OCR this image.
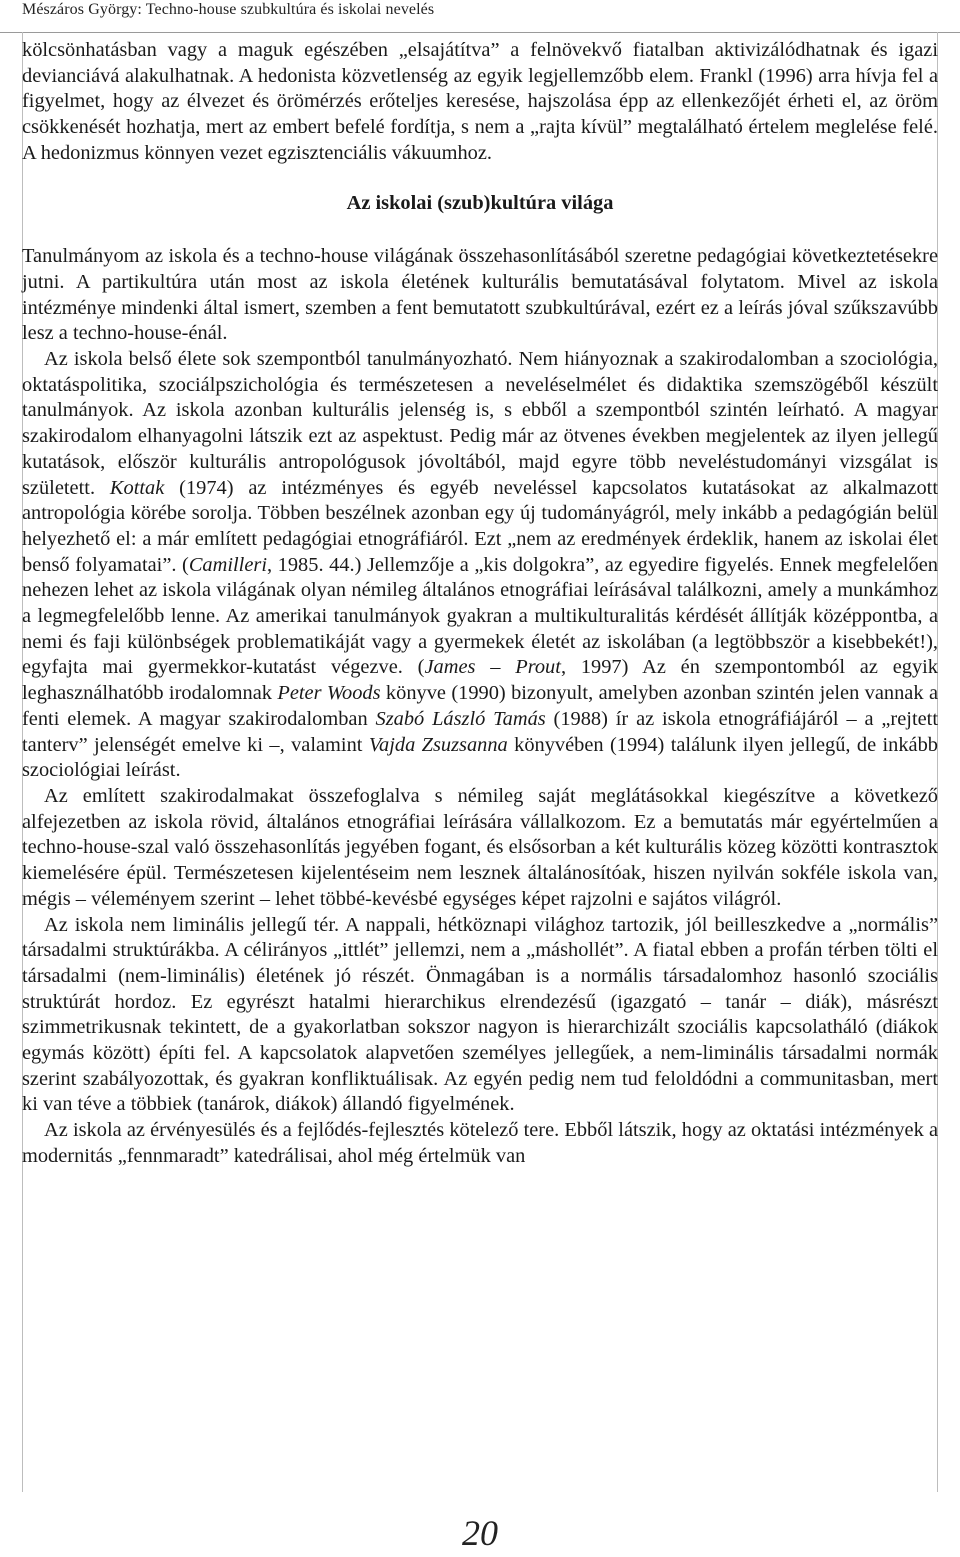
Mészáros György: Techno-house szubkultúra és iskolai nevelés

kölcsönhatásban vagy a maguk egészében „elsajátítva” a felnövekvő fiatalban aktivizálódhatnak és igazi devianciává alakulhatnak. A hedonista közvetlenség az egyik legjellemzőbb elem. Frankl (1996) arra hívja fel a figyelmet, hogy az élvezet és örömérzés erőteljes keresése, hajszolása épp az ellenkezőjét érheti el, az öröm csökkenését hozhatja, mert az embert befelé fordítja, s nem a „rajta kívül” megtalálható értelem meglelése felé. A hedonizmus könnyen vezet egzisztenciális vákuumhoz.

Az iskolai (szub)kultúra világa

Tanulmányom az iskola és a techno-house világának összehasonlításából szeretne pedagógiai következtetésekre jutni. A partikultúra után most az iskola életének kulturális bemutatásával folytatom. Mivel az iskola intézménye mindenki által ismert, szemben a fent bemutatott szubkultúrával, ezért ez a leírás jóval szűkszavúbb lesz a techno-house-énál.

Az iskola belső élete sok szempontból tanulmányozható. Nem hiányoznak a szakirodalomban a szociológia, oktatáspolitika, szociálpszichológia és természetesen a neveléselmélet és didaktika szemszögéből készült tanulmányok. Az iskola azonban kulturális jelenség is, s ebből a szempontból szintén leírható. A magyar szakirodalom elhanyagolni látszik ezt az aspektust. Pedig már az ötvenes években megjelentek az ilyen jellegű kutatások, először kulturális antropológusok jóvoltából, majd egyre több neveléstudományi vizsgálat is született. Kottak (1974) az intézményes és egyéb neveléssel kapcsolatos kutatásokat az alkalmazott antropológia körébe sorolja. Többen beszélnek azonban egy új tudományágról, mely inkább a pedagógián belül helyezhető el: a már említett pedagógiai etnográfiáról. Ezt „nem az eredmények érdeklik, hanem az iskolai élet benső folyamatai”. (Camilleri, 1985. 44.) Jellemzője a „kis dolgokra”, az egyedire figyelés. Ennek megfelelően nehezen lehet az iskola világának olyan némileg általános etnográfiai leírásával találkozni, amely a munkámhoz a legmegfelelőbb lenne. Az amerikai tanulmányok gyakran a multikulturalitás kérdését állítják középpontba, a nemi és faji különbségek problematikáját vagy a gyermekek életét az iskolában (a legtöbbször a kisebbekét!), egyfajta mai gyermekkor-kutatást végezve. (James – Prout, 1997) Az én szempontomból az egyik leghasználhatóbb irodalomnak Peter Woods könyve (1990) bizonyult, amelyben azonban szintén jelen vannak a fenti elemek. A magyar szakirodalomban Szabó László Tamás (1988) ír az iskola etnográfiájáról – a „rejtett tanterv” jelenségét emelve ki –, valamint Vajda Zsuzsanna könyvében (1994) találunk ilyen jellegű, de inkább szociológiai leírást.

Az említett szakirodalmakat összefoglalva s némileg saját meglátásokkal kiegészítve a következő alfejezetben az iskola rövid, általános etnográfiai leírására vállalkozom. Ez a bemutatás már egyértelműen a techno-house-szal való összehasonlítás jegyében fogant, és elsősorban a két kulturális közeg közötti kontrasztok kiemelésére épül. Természetesen kijelentéseim nem lesznek általánosítóak, hiszen nyilván sokféle iskola van, mégis – véleményem szerint – lehet többé-kevésbé egységes képet rajzolni e sajátos világról.

Az iskola nem liminális jellegű tér. A nappali, hétköznapi világhoz tartozik, jól beilleszkedve a „normális” társadalmi struktúrákba. A célirányos „ittlét” jellemzi, nem a „máshollét”. A fiatal ebben a profán térben tölti el társadalmi (nem-liminális) életének jó részét. Önmagában is a normális társadalomhoz hasonló szociális struktúrát hordoz. Ez egyrészt hatalmi hierarchikus elrendezésű (igazgató – tanár – diák), másrészt szimmetrikusnak tekintett, de a gyakorlatban sokszor nagyon is hierarchizált szociális kapcsolatháló (diákok egymás között) építi fel. A kapcsolatok alapvetően személyes jellegűek, a nem-liminális társadalmi normák szerint szabályozottak, és gyakran konfliktuálisak. Az egyén pedig nem tud feloldódni a communitasban, mert ki van téve a többiek (tanárok, diákok) állandó figyelmének.

Az iskola az érvényesülés és a fejlődés-fejlesztés kötelező tere. Ebből látszik, hogy az oktatási intézmények a modernitás „fennmaradt” katedrálisai, ahol még értelmük van

20
